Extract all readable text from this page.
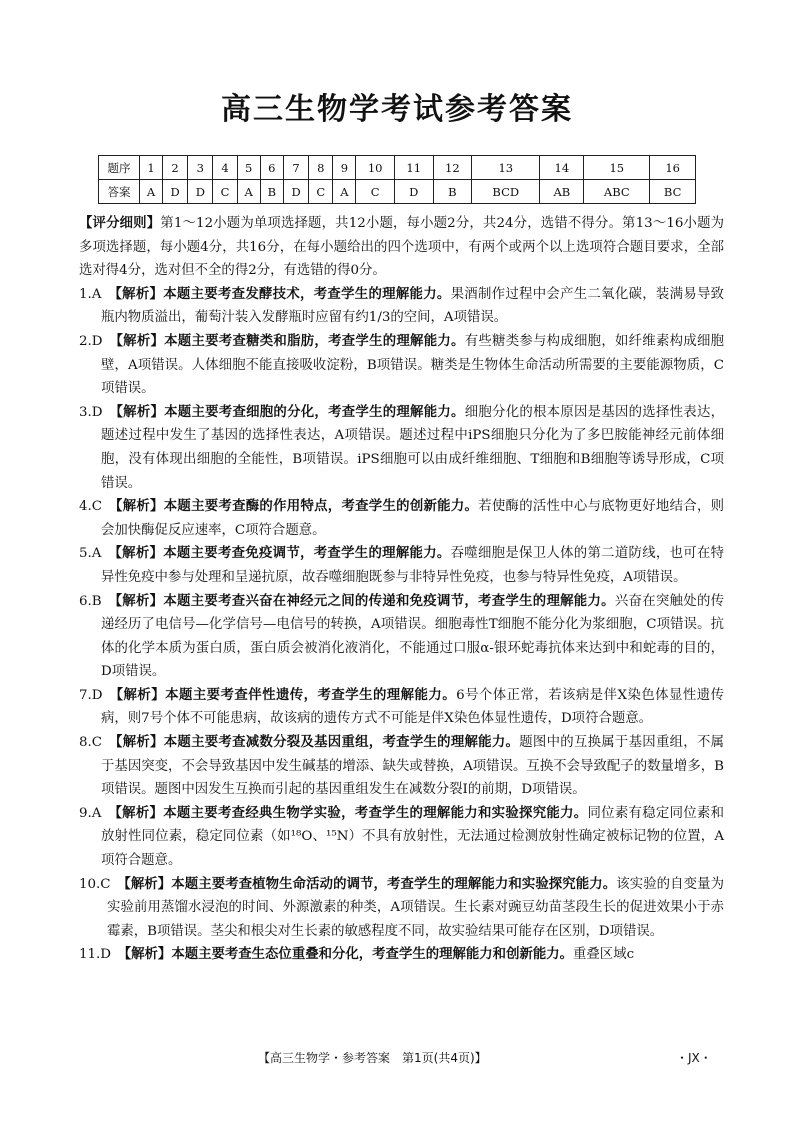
高三生物学考试参考答案
题序	1	2	3	4	5	6	7	8	9	10	11	12	13	14	15	16
答案	A	D	D	C	A	B	D	C	A	C	D	B	BCD	AB	ABC	BC

【评分细则】第1～12小题为单项选择题，共12小题，每小题2分，共24分，选错不得分。第13～16小题为多项选择题，每小题4分，共16分，在每小题给出的四个选项中，有两个或两个以上选项符合题目要求，全部选对得4分，选对但不全的得2分，有选错的得0分。

1.A  【解析】本题主要考查发酵技术，考查学生的理解能力。果酒制作过程中会产生二氧化碳，装满易导致瓶内物质溢出，葡萄汁装入发酵瓶时应留有约1/3的空间，A项错误。

2.D  【解析】本题主要考查糖类和脂肪，考查学生的理解能力。有些糖类参与构成细胞，如纤维素构成细胞壁，A项错误。人体细胞不能直接吸收淀粉，B项错误。糖类是生物体生命活动所需要的主要能源物质，C项错误。

3.D  【解析】本题主要考查细胞的分化，考查学生的理解能力。细胞分化的根本原因是基因的选择性表达，题述过程中发生了基因的选择性表达，A项错误。题述过程中iPS细胞只分化为了多巴胺能神经元前体细胞，没有体现出细胞的全能性，B项错误。iPS细胞可以由成纤维细胞、T细胞和B细胞等诱导形成，C项错误。

4.C  【解析】本题主要考查酶的作用特点，考查学生的创新能力。若使酶的活性中心与底物更好地结合，则会加快酶促反应速率，C项符合题意。

5.A  【解析】本题主要考查免疫调节，考查学生的理解能力。吞噬细胞是保卫人体的第二道防线，也可在特异性免疫中参与处理和呈递抗原，故吞噬细胞既参与非特异性免疫，也参与特异性免疫，A项错误。

6.B  【解析】本题主要考查兴奋在神经元之间的传递和免疫调节，考查学生的理解能力。兴奋在突触处的传递经历了电信号—化学信号—电信号的转换，A项错误。细胞毒性T细胞不能分化为浆细胞，C项错误。抗体的化学本质为蛋白质，蛋白质会被消化液消化，不能通过口服α-银环蛇毒抗体来达到中和蛇毒的目的，D项错误。

7.D  【解析】本题主要考查伴性遗传，考查学生的理解能力。6号个体正常，若该病是伴X染色体显性遗传病，则7号个体不可能患病，故该病的遗传方式不可能是伴X染色体显性遗传，D项符合题意。

8.C  【解析】本题主要考查减数分裂及基因重组，考查学生的理解能力。题图中的互换属于基因重组，不属于基因突变，不会导致基因中发生碱基的增添、缺失或替换，A项错误。互换不会导致配子的数量增多，B项错误。题图中因发生互换而引起的基因重组发生在减数分裂Ⅰ的前期，D项错误。

9.A  【解析】本题主要考查经典生物学实验，考查学生的理解能力和实验探究能力。同位素有稳定同位素和放射性同位素，稳定同位素（如¹⁸O、¹⁵N）不具有放射性，无法通过检测放射性确定被标记物的位置，A项符合题意。

10.C  【解析】本题主要考查植物生命活动的调节，考查学生的理解能力和实验探究能力。该实验的自变量为实验前用蒸馏水浸泡的时间、外源激素的种类，A项错误。生长素对豌豆幼苗茎段生长的促进效果小于赤霉素，B项错误。茎尖和根尖对生长素的敏感程度不同，故实验结果可能存在区别，D项错误。

11.D  【解析】本题主要考查生态位重叠和分化，考查学生的理解能力和创新能力。重叠区域c

【高三生物学・参考答案　第1页(共4页)】	・JX・
